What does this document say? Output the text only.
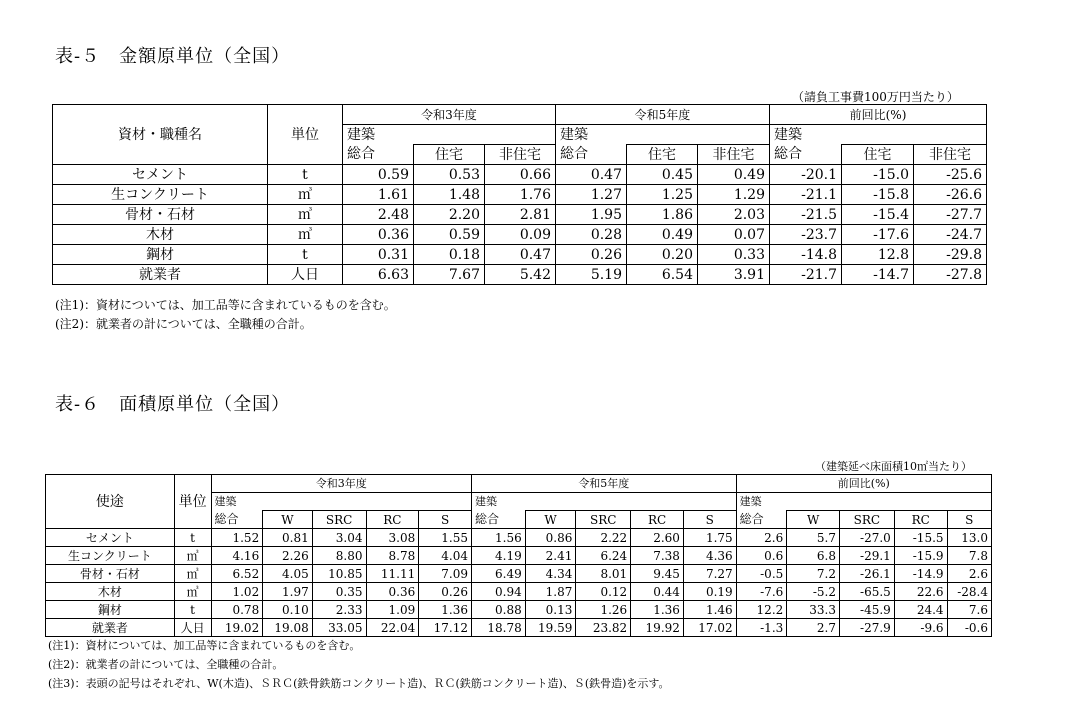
表-５　金額原単位（全国）
（請負工事費100万円当たり）
資材・職種名	単位	令和3年度			令和5年度			前回比(%)		
		建築			建築			建築		
		総合	住宅	非住宅	総合	住宅	非住宅	総合	住宅	非住宅
セメント	t	0.59	0.53	0.66	0.47	0.45	0.49	-20.1	-15.0	-25.6
生コンクリート	㎥	1.61	1.48	1.76	1.27	1.25	1.29	-21.1	-15.8	-26.6
骨材・石材	㎥	2.48	2.20	2.81	1.95	1.86	2.03	-21.5	-15.4	-27.7
木材	㎥	0.36	0.59	0.09	0.28	0.49	0.07	-23.7	-17.6	-24.7
鋼材	t	0.31	0.18	0.47	0.26	0.20	0.33	-14.8	12.8	-29.8
就業者	人日	6.63	7.67	5.42	5.19	6.54	3.91	-21.7	-14.7	-27.8
(注1)：資材については、加工品等に含まれているものを含む。
(注2)：就業者の計については、全職種の合計。
表-６　面積原単位（全国）
（建築延べ床面積10㎡当たり）
使途	単位	令和3年度					令和5年度					前回比(%)				
		建築					建築					建築				
		総合	W	SRC	RC	S	総合	W	SRC	RC	S	総合	W	SRC	RC	S
セメント	t	1.52	0.81	3.04	3.08	1.55	1.56	0.86	2.22	2.60	1.75	2.6	5.7	-27.0	-15.5	13.0
生コンクリート	㎥	4.16	2.26	8.80	8.78	4.04	4.19	2.41	6.24	7.38	4.36	0.6	6.8	-29.1	-15.9	7.8
骨材・石材	㎥	6.52	4.05	10.85	11.11	7.09	6.49	4.34	8.01	9.45	7.27	-0.5	7.2	-26.1	-14.9	2.6
木材	㎥	1.02	1.97	0.35	0.36	0.26	0.94	1.87	0.12	0.44	0.19	-7.6	-5.2	-65.5	22.6	-28.4
鋼材	t	0.78	0.10	2.33	1.09	1.36	0.88	0.13	1.26	1.36	1.46	12.2	33.3	-45.9	24.4	7.6
就業者	人日	19.02	19.08	33.05	22.04	17.12	18.78	19.59	23.82	19.92	17.02	-1.3	2.7	-27.9	-9.6	-0.6
(注1)：資材については、加工品等に含まれているものを含む。
(注2)：就業者の計については、全職種の合計。
(注3)：表頭の記号はそれぞれ、W(木造)、ＳＲＣ(鉄骨鉄筋コンクリート造)、ＲＣ(鉄筋コンクリート造)、Ｓ(鉄骨造)を示す。
